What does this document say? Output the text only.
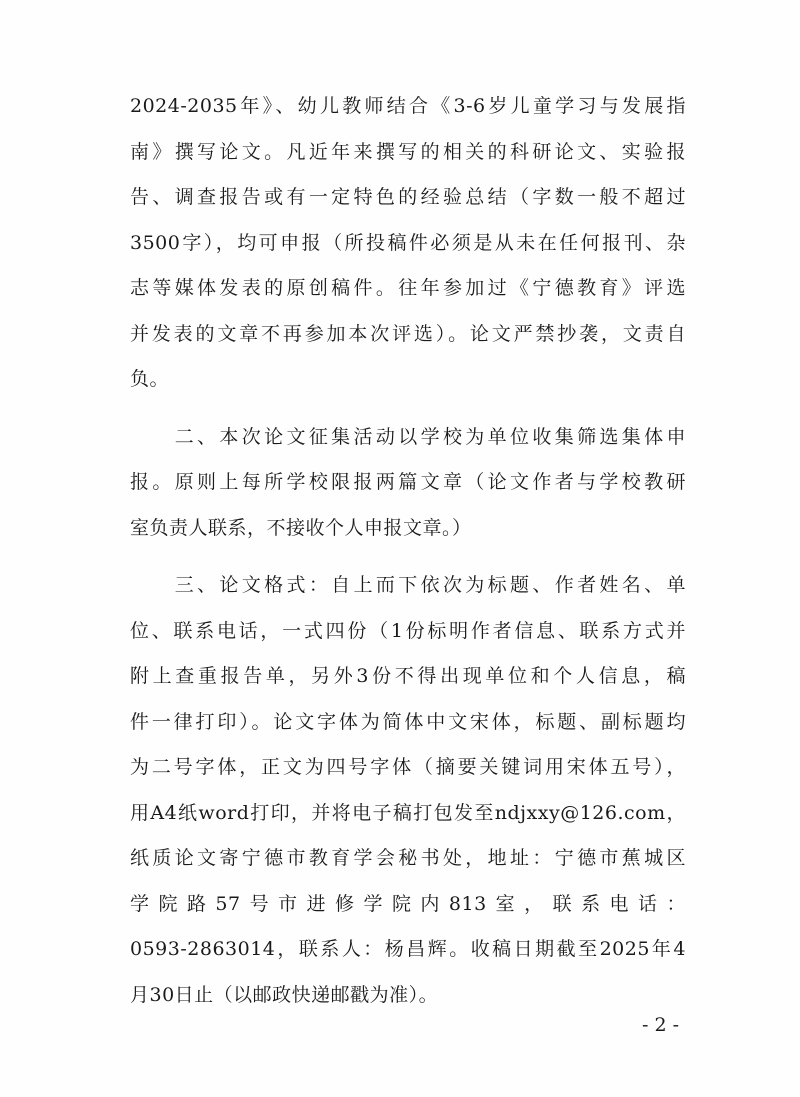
2024-2035年》、幼儿教师结合《3-6岁儿童学习与发展指
南》撰写论文。凡近年来撰写的相关的科研论文、实验报
告、调查报告或有一定特色的经验总结（字数一般不超过
3500字），均可申报（所投稿件必须是从未在任何报刊、杂
志等媒体发表的原创稿件。往年参加过《宁德教育》评选
并发表的文章不再参加本次评选）。论文严禁抄袭，文责自
负。
　　二、本次论文征集活动以学校为单位收集筛选集体申
报。原则上每所学校限报两篇文章（论文作者与学校教研
室负责人联系，不接收个人申报文章。）
　　三、论文格式：自上而下依次为标题、作者姓名、单
位、联系电话，一式四份（1份标明作者信息、联系方式并
附上查重报告单，另外3份不得出现单位和个人信息，稿
件一律打印）。论文字体为简体中文宋体，标题、副标题均
为二号字体，正文为四号字体（摘要关键词用宋体五号），
用A4纸word打印，并将电子稿打包发至ndjxxy@126.com，
纸质论文寄宁德市教育学会秘书处，地址：宁德市蕉城区
学院路57号市进修学院内813室，联系电话：
0593-2863014，联系人：杨昌辉。收稿日期截至2025年4
月30日止（以邮政快递邮戳为准）。
- 2 -
